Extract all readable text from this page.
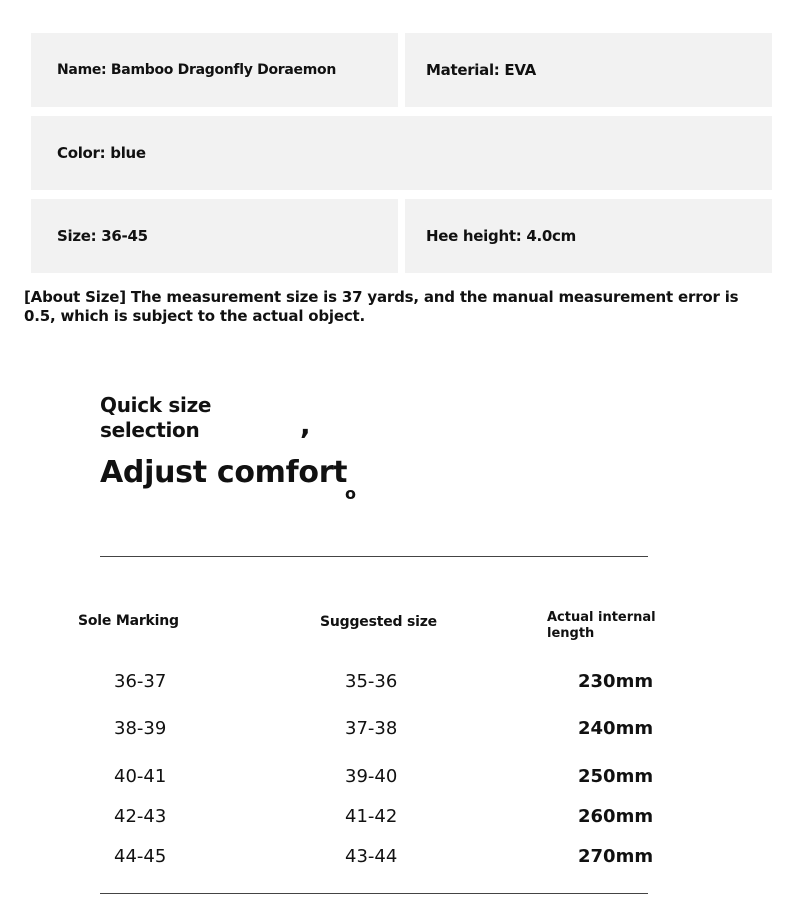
Name: Bamboo Dragonfly Doraemon	Material: EVA
Color: blue
Size: 36-45	Hee height: 4.0cm
[About Size] The measurement size is 37 yards, and the manual measurement error is 0.5, which is subject to the actual object.
Quick size selection	,
Adjust comfort
o
Sole Marking	Suggested size	Actual internal length
36-37	35-36	230mm
38-39	37-38	240mm
40-41	39-40	250mm
42-43	41-42	260mm
44-45	43-44	270mm
